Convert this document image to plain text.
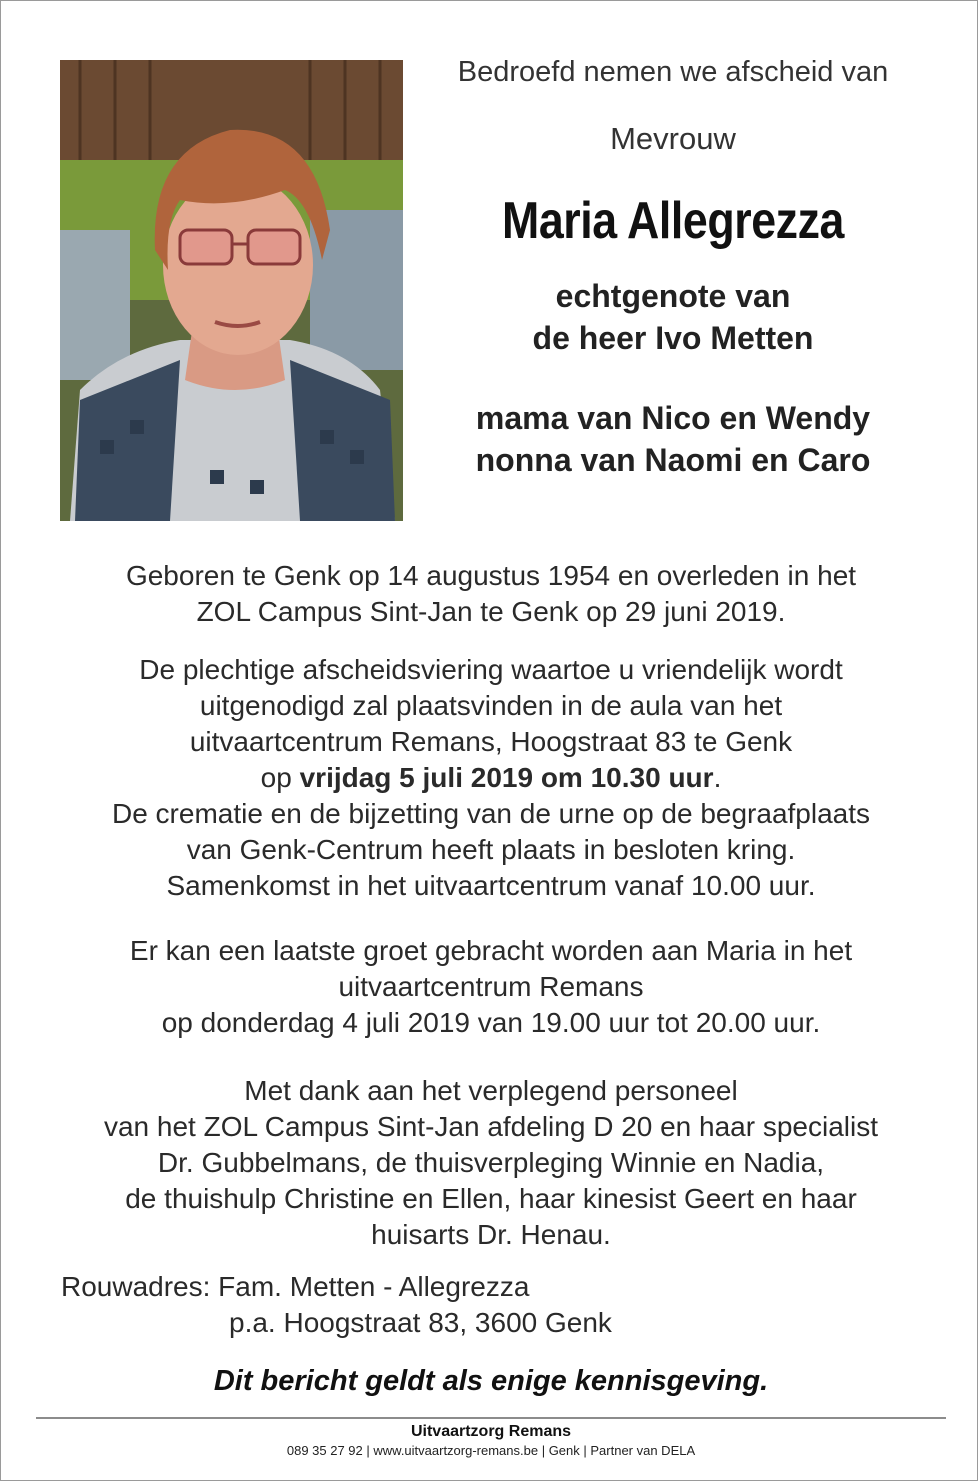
Bedroefd nemen we afscheid van
Mevrouw
Maria Allegrezza
echtgenote van
de heer Ivo Metten
mama van Nico en Wendy
nonna van Naomi en Caro
Geboren te Genk op 14 augustus 1954 en overleden in het
ZOL Campus Sint-Jan te Genk op 29 juni 2019.
De plechtige afscheidsviering waartoe u vriendelijk wordt
uitgenodigd zal plaatsvinden in de aula van het
uitvaartcentrum Remans, Hoogstraat 83 te Genk
op vrijdag 5 juli 2019 om 10.30 uur.
De crematie en de bijzetting van de urne op de begraafplaats
van Genk-Centrum heeft plaats in besloten kring.
Samenkomst in het uitvaartcentrum vanaf 10.00 uur.
Er kan een laatste groet gebracht worden aan Maria in het
uitvaartcentrum Remans
op donderdag 4 juli 2019 van 19.00 uur tot 20.00 uur.
Met dank aan het verplegend personeel
van het ZOL Campus Sint-Jan afdeling D 20 en haar specialist
Dr. Gubbelmans, de thuisverpleging Winnie en Nadia,
de thuishulp Christine en Ellen, haar kinesist Geert en haar
huisarts Dr. Henau.
Rouwadres: Fam. Metten - Allegrezza
p.a. Hoogstraat 83, 3600 Genk
Dit bericht geldt als enige kennisgeving.
Uitvaartzorg Remans
089 35 27 92 | www.uitvaartzorg-remans.be | Genk | Partner van DELA
